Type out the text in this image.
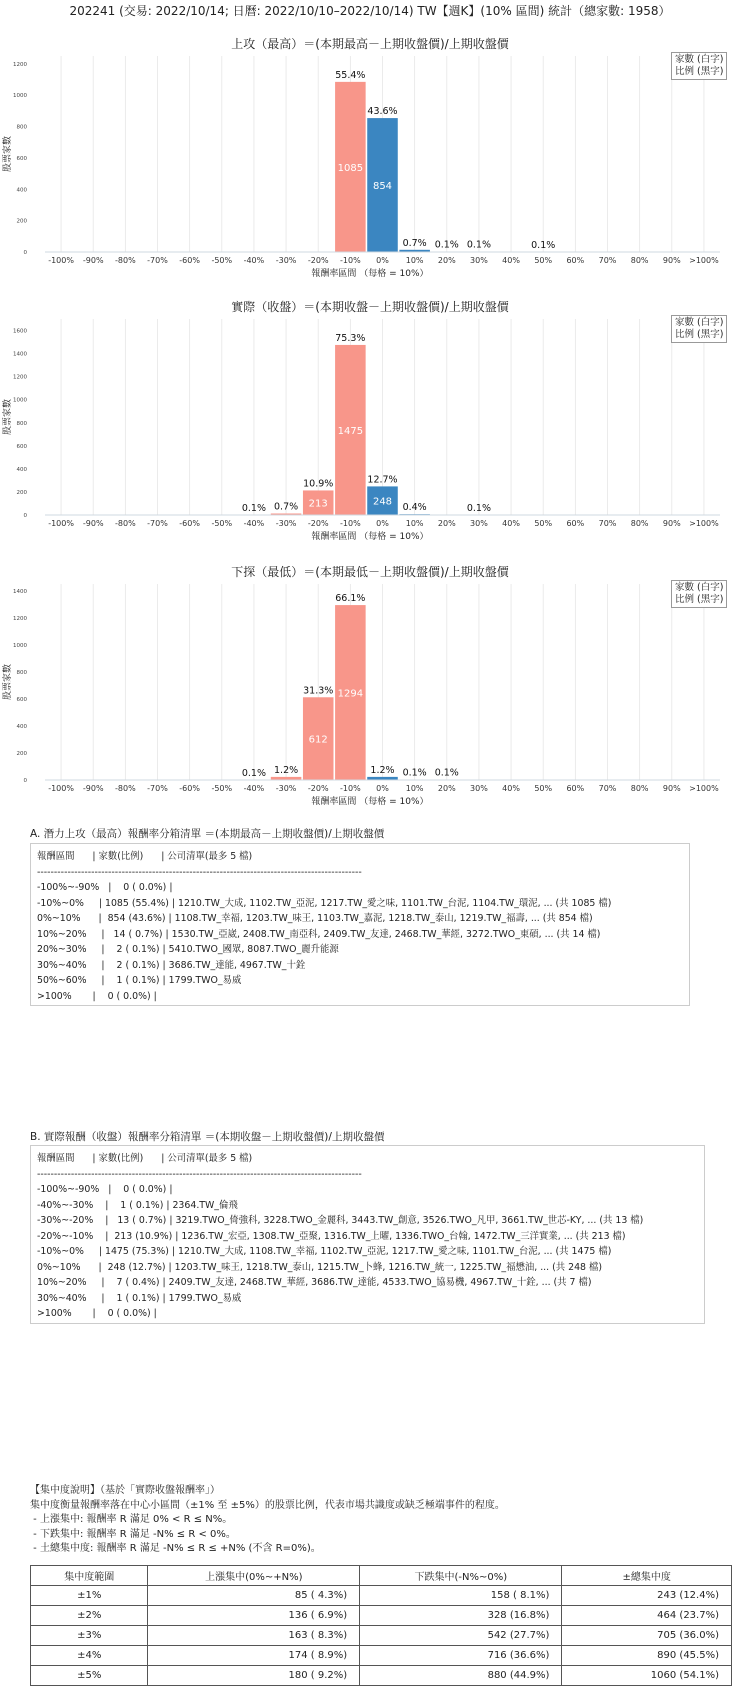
202241 (交易: 2022/10/14; 日曆: 2022/10/10–2022/10/14) TW【週K】(10% 區間) 統計（總家數: 1958）
上攻（最高）＝(本期最高－上期收盤價)/上期收盤價
0
200
400
600
800
1000
1200
股票家數	1085
55.4%
854
43.6%
0.7% 0.1% 0.1%	0.1%
-100% -90% -80% -70% -60% -50% -40% -30% -20% -10% 0% 10% 20% 30% 40% 50% 60% 70% 80% 90% >100%
報酬率區間 （每格 = 10%）
家數 (白字)
比例 (黑字)
實際（收盤）＝(本期收盤－上期收盤價)/上期收盤價
0
200
400
600
800
1000
1200
1400
1600
股票家數
0.1% 0.7% 213
10.9%
1475
75.3%
248
12.7%
0.4%	0.1%
-100% -90% -80% -70% -60% -50% -40% -30% -20% -10% 0% 10% 20% 30% 40% 50% 60% 70% 80% 90% >100%
報酬率區間 （每格 = 10%）
家數 (白字)
比例 (黑字)
下探（最低）＝(本期最低－上期收盤價)/上期收盤價
0
200
400
600
800
1000
1200
1400
股票家數
0.1% 1.2%
612
31.3% 1294
66.1%
1.2% 0.1% 0.1%
-100% -90% -80% -70% -60% -50% -40% -30% -20% -10% 0% 10% 20% 30% 40% 50% 60% 70% 80% 90% >100%
報酬率區間 （每格 = 10%）
家數 (白字)
比例 (黑字)
A. 潛力上攻（最高）報酬率分箱清單 ＝(本期最高－上期收盤價)/上期收盤價
報酬區間      | 家數(比例)      | 公司清單(最多 5 檔)
------------------------------------------------------------------------------------------------
-100%~-90%   |    0 ( 0.0%) |
-10%~0%     | 1085 (55.4%) | 1210.TW_大成, 1102.TW_亞泥, 1217.TW_愛之味, 1101.TW_台泥, 1104.TW_環泥, ... (共 1085 檔)
0%~10%      |  854 (43.6%) | 1108.TW_幸福, 1203.TW_味王, 1103.TW_嘉泥, 1218.TW_泰山, 1219.TW_福壽, ... (共 854 檔)
10%~20%     |   14 ( 0.7%) | 1530.TW_亞崴, 2408.TW_南亞科, 2409.TW_友達, 2468.TW_華經, 3272.TWO_東碩, ... (共 14 檔)
20%~30%     |    2 ( 0.1%) | 5410.TWO_國眾, 8087.TWO_麗升能源
30%~40%     |    2 ( 0.1%) | 3686.TW_達能, 4967.TW_十銓
50%~60%     |    1 ( 0.1%) | 1799.TWO_易威
>100%       |    0 ( 0.0%) |
B. 實際報酬（收盤）報酬率分箱清單 ＝(本期收盤－上期收盤價)/上期收盤價
報酬區間      | 家數(比例)      | 公司清單(最多 5 檔)
------------------------------------------------------------------------------------------------
-100%~-90%   |    0 ( 0.0%) |
-40%~-30%    |    1 ( 0.1%) | 2364.TW_倫飛
-30%~-20%    |   13 ( 0.7%) | 3219.TWO_倚強科, 3228.TWO_金麗科, 3443.TW_創意, 3526.TWO_凡甲, 3661.TW_世芯-KY, ... (共 13 檔)
-20%~-10%    |  213 (10.9%) | 1236.TW_宏亞, 1308.TW_亞聚, 1316.TW_上曜, 1336.TWO_台翰, 1472.TW_三洋實業, ... (共 213 檔)
-10%~0%     | 1475 (75.3%) | 1210.TW_大成, 1108.TW_幸福, 1102.TW_亞泥, 1217.TW_愛之味, 1101.TW_台泥, ... (共 1475 檔)
0%~10%      |  248 (12.7%) | 1203.TW_味王, 1218.TW_泰山, 1215.TW_卜蜂, 1216.TW_統一, 1225.TW_福懋油, ... (共 248 檔)
10%~20%     |    7 ( 0.4%) | 2409.TW_友達, 2468.TW_華經, 3686.TW_達能, 4533.TWO_協易機, 4967.TW_十銓, ... (共 7 檔)
30%~40%     |    1 ( 0.1%) | 1799.TWO_易威
>100%       |    0 ( 0.0%) |
【集中度說明】（基於「實際收盤報酬率」）
集中度衡量報酬率落在中心小區間（±1% 至 ±5%）的股票比例，代表市場共識度或缺乏極端事件的程度。
- 上漲集中: 報酬率 R 滿足 0% < R ≤ N%。
- 下跌集中: 報酬率 R 滿足 -N% ≤ R < 0%。
- 土總集中度: 報酬率 R 滿足 -N% ≤ R ≤ +N% (不含 R=0%)。
集中度範圍	上漲集中(0%~+N%)	下跌集中(-N%~0%)	±總集中度
±1%	85 ( 4.3%)	158 ( 8.1%)	243 (12.4%)
±2%	136 ( 6.9%)	328 (16.8%)	464 (23.7%)
±3%	163 ( 8.3%)	542 (27.7%)	705 (36.0%)
±4%	174 ( 8.9%)	716 (36.6%)	890 (45.5%)
±5%	180 ( 9.2%)	880 (44.9%)	1060 (54.1%)
